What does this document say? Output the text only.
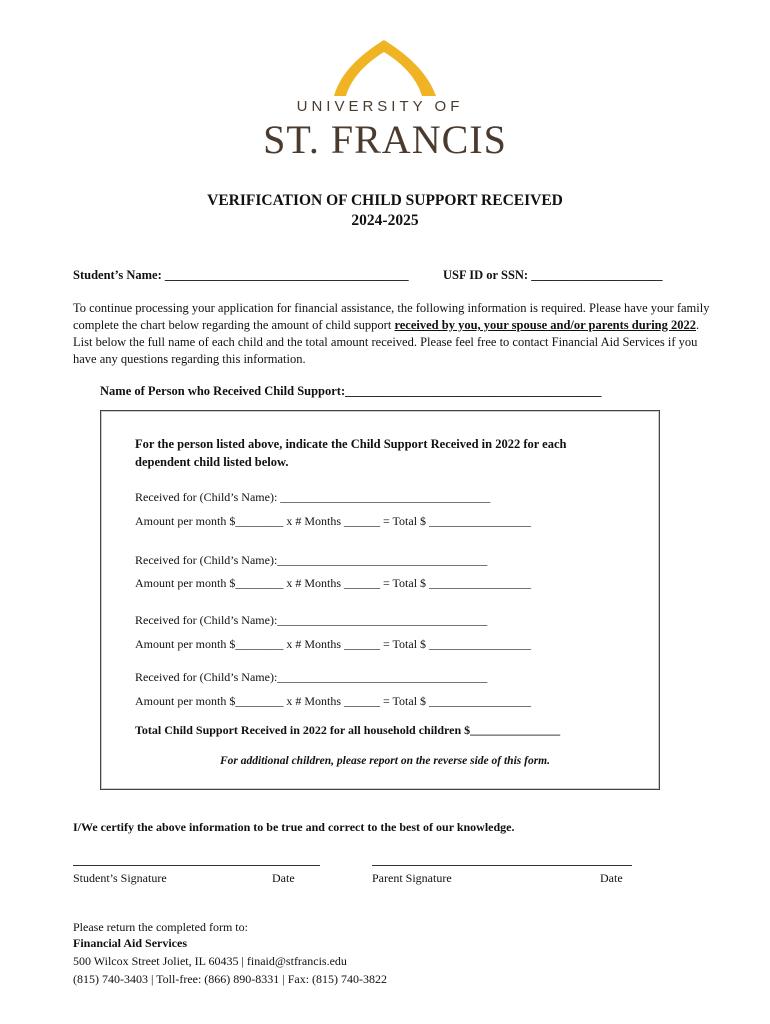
UNIVERSITY OF
ST. FRANCIS
VERIFICATION OF CHILD SUPPORT RECEIVED
2024-2025
Student’s Name: _______________________________________	USF ID or SSN: _____________________
To continue processing your application for financial assistance, the following information is required. Please have your family complete the chart below regarding the amount of child support received by you, your spouse and/or parents during 2022. List below the full name of each child and the total amount received. Please feel free to contact Financial Aid Services if you have any questions regarding this information.
Name of Person who Received Child Support:_________________________________________
For the person listed above, indicate the Child Support Received in 2022 for each
dependent child listed below.
Received for (Child’s Name): ___________________________________
Amount per month $________ x # Months ______ = Total $ _________________
Received for (Child’s Name):___________________________________
Amount per month $________ x # Months ______ = Total $ _________________
Received for (Child’s Name):___________________________________
Amount per month $________ x # Months ______ = Total $ _________________
Received for (Child’s Name):___________________________________
Amount per month $________ x # Months ______ = Total $ _________________
Total Child Support Received in 2022 for all household children $_______________
For additional children, please report on the reverse side of this form.
I/We certify the above information to be true and correct to the best of our knowledge.
Student’s Signature	Date	Parent Signature	Date
Please return the completed form to:
Financial Aid Services
500 Wilcox Street Joliet, IL 60435 | finaid@stfrancis.edu
(815) 740-3403 | Toll-free: (866) 890-8331 | Fax: (815) 740-3822
